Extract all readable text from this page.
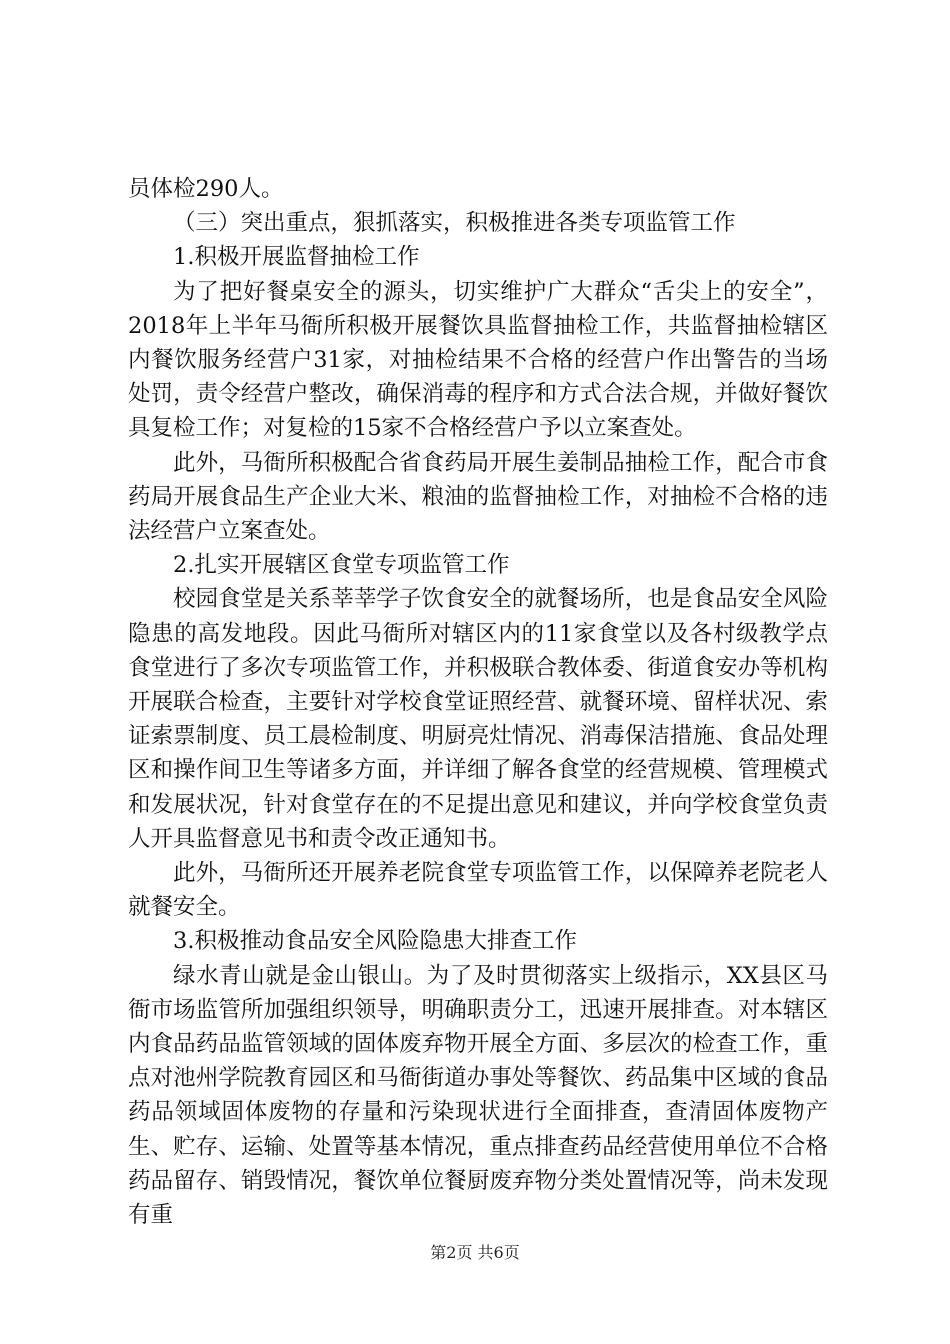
员体检290人。

（三）突出重点，狠抓落实，积极推进各类专项监管工作

1.积极开展监督抽检工作

为了把好餐桌安全的源头，切实维护广大群众“舌尖上的安全”，2018年上半年马衙所积极开展餐饮具监督抽检工作，共监督抽检辖区内餐饮服务经营户31家，对抽检结果不合格的经营户作出警告的当场处罚，责令经营户整改，确保消毒的程序和方式合法合规，并做好餐饮具复检工作；对复检的15家不合格经营户予以立案查处。

此外，马衙所积极配合省食药局开展生姜制品抽检工作，配合市食药局开展食品生产企业大米、粮油的监督抽检工作，对抽检不合格的违法经营户立案查处。

2.扎实开展辖区食堂专项监管工作

校园食堂是关系莘莘学子饮食安全的就餐场所，也是食品安全风险隐患的高发地段。因此马衙所对辖区内的11家食堂以及各村级教学点食堂进行了多次专项监管工作，并积极联合教体委、街道食安办等机构开展联合检查，主要针对学校食堂证照经营、就餐环境、留样状况、索证索票制度、员工晨检制度、明厨亮灶情况、消毒保洁措施、食品处理区和操作间卫生等诸多方面，并详细了解各食堂的经营规模、管理模式和发展状况，针对食堂存在的不足提出意见和建议，并向学校食堂负责人开具监督意见书和责令改正通知书。

此外，马衙所还开展养老院食堂专项监管工作，以保障养老院老人就餐安全。

3.积极推动食品安全风险隐患大排查工作

绿水青山就是金山银山。为了及时贯彻落实上级指示，XX县区马衙市场监管所加强组织领导，明确职责分工，迅速开展排查。对本辖区内食品药品监管领域的固体废弃物开展全方面、多层次的检查工作，重点对池州学院教育园区和马衙街道办事处等餐饮、药品集中区域的食品药品领域固体废物的存量和污染现状进行全面排查，查清固体废物产生、贮存、运输、处置等基本情况，重点排查药品经营使用单位不合格药品留存、销毁情况，餐饮单位餐厨废弃物分类处置情况等，尚未发现有重

第2页 共6页
